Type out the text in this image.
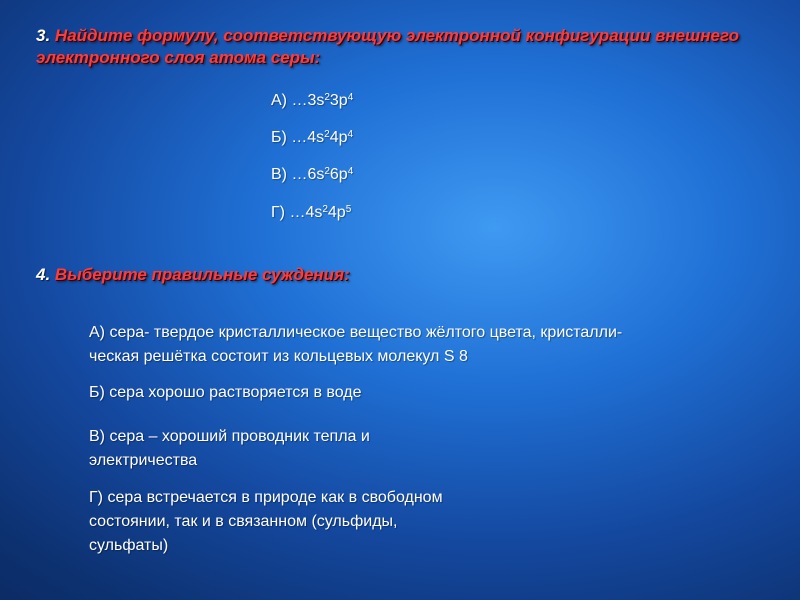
3. Найдите формулу, соответствующую электронной конфигурации внешнего электронного слоя атома серы:

А) $\dots 3s^23p^4$
Б) $\dots 4s^24p^4$
В) $\dots 6s^26p^4$
Г) $\dots 4s^24p^5$

4. Выберите правильные суждения:

А) сера- твердое кристаллическое вещество жёлтого цвета, кристалли-
ческая решётка состоит из кольцевых молекул S 8
Б) сера хорошо растворяется в воде
В) сера – хороший проводник тепла и
электричества
Г) сера встречается в природе как в свободном
состоянии, так и в связанном (сульфиды,
сульфаты)
